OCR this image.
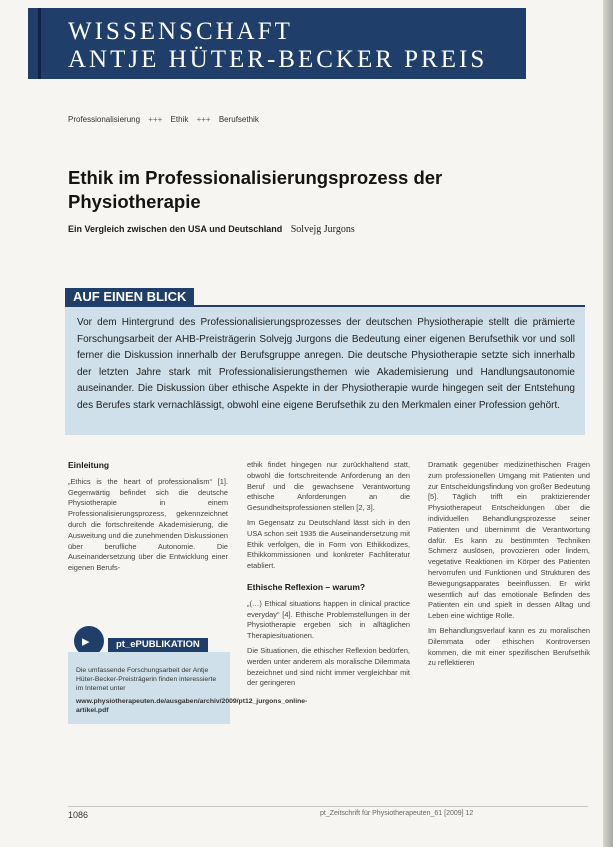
WISSENSCHAFT
ANTJE HÜTER-BECKER PREIS
Professionalisierung +++ Ethik +++ Berufsethik
Ethik im Professionalisierungsprozess der Physiotherapie
Ein Vergleich zwischen den USA und Deutschland Solvejg Jurgons
AUF EINEN BLICK
Vor dem Hintergrund des Professionalisierungsprozesses der deutschen Physiotherapie stellt die prämierte Forschungsarbeit der AHB-Preisträgerin Solvejg Jurgons die Bedeutung einer eigenen Berufsethik vor und soll ferner die Diskussion innerhalb der Berufsgruppe anregen. Die deutsche Physiotherapie setzte sich innerhalb der letzten Jahre stark mit Professionalisierungsthemen wie Akademisierung und Handlungsautonomie auseinander. Die Diskussion über ethische Aspekte in der Physiotherapie wurde hingegen seit der Entstehung des Berufes stark vernachlässigt, obwohl eine eigene Berufsethik zu den Merkmalen einer Profession gehört.
Einleitung
„Ethics is the heart of professionalism“ [1]. Gegenwärtig befindet sich die deutsche Physiotherapie in einem Professionalisierungsprozess, gekennzeichnet durch die fortschreitende Akademisierung, die Ausweitung und die zunehmenden Diskussionen über berufliche Autonomie. Die Auseinandersetzung über die Entwicklung einer eigenen Berufs-
ethik findet hingegen nur zurückhaltend statt, obwohl die fortschreitende Anforderung an den Beruf und die gewachsene Verantwortung ethische Anforderungen an die Gesundheitsprofessionen stellen [2, 3].
Im Gegensatz zu Deutschland lässt sich in den USA schon seit 1935 die Auseinandersetzung mit Ethik verfolgen, die in Form von Ethikkodizes, Ethikkommissionen und konkreter Fachliteratur etabliert.
Ethische Reflexion – warum?
„(…) Ethical situations happen in clinical practice everyday“ [4]. Ethische Problemstellungen in der Physiotherapie ergeben sich in alltäglichen Therapiesituationen.
Die Situationen, die ethischer Reflexion bedürfen, werden unter anderem als moralische Dilemmata bezeichnet und sind nicht immer vergleichbar mit der geringeren
Dramatik gegenüber medizinethischen Fragen zum professionellen Umgang mit Patienten und zur Entscheidungsfindung von großer Bedeutung [5]. Täglich trifft ein praktizierender Physiotherapeut Entscheidungen über die individuellen Behandlungsprozesse seiner Patienten und übernimmt die Verantwortung dafür. Es kann zu bestimmten Techniken Schmerz auslösen, provozieren oder lindern, vegetative Reaktionen im Körper des Patienten hervorrufen und Funktionen und Strukturen des Bewegungsapparates beeinflussen. Er wirkt wesentlich auf das emotionale Befinden des Patienten ein und spielt in dessen Alltag und Leben eine wichtige Rolle.
Im Behandlungsverlauf kann es zu moralischen Dilemmata oder ethischen Kontroversen kommen, die mit einer spezifischen Berufsethik zu reflektieren
▸
Die umfassende Forschungsarbeit der Antje Hüter-Becker-Preisträgerin finden interessierte im Internet unter
www.physiotherapeuten.de/ausgaben/archiv/2009/pt12_jurgons_online-artikel.pdf
pt_ePUBLIKATION
1086	pt_Zeitschrift für Physiotherapeuten_61 [2009] 12
